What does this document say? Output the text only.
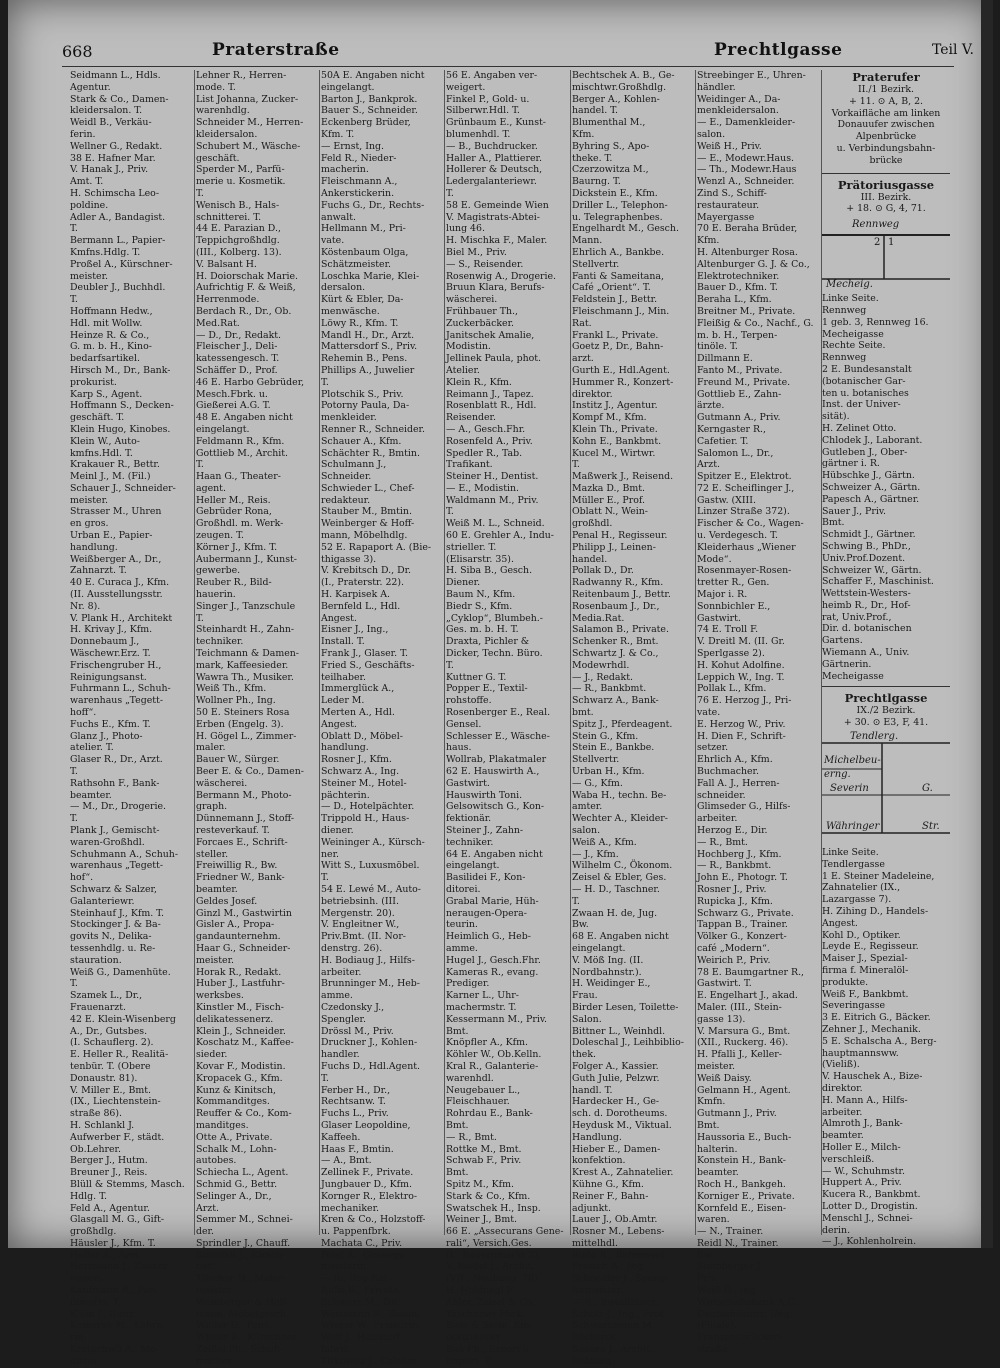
668	Praterstraße	Prechtlgasse	Teil V.
Seidmann L., Hdls.
Agentur.
Stark & Co., Damen-
kleidersalon. T.
Weidl B., Verkäu-
ferin.
Wellner G., Redakt.
38 E. Hafner Mar.
V. Hanak J., Priv.
Amt. T.
H. Schimscha Leo-
poldine.
Adler A., Bandagist.
T.
Bermann L., Papier-
Kmfns.Hdlg. T.
Proßel A., Kürschner-
meister.
Deubler J., Buchhdl.
T.
Hoffmann Hedw.,
Hdl. mit Wollw.
Heinze R. & Co.,
G. m. b. H., Kino-
bedarfsartikel.
Hirsch M., Dr., Bank-
prokurist.
Karp S., Agent.
Hoffmann S., Decken-
geschäft. T.
Klein Hugo, Kinobes.
Klein W., Auto-
kmfns.Hdl. T.
Krakauer R., Bettr.
Meinl J., M. (Fil.)
Schauer J., Schneider-
meister.
Strasser M., Uhren
en gros.
Urban E., Papier-
handlung.
Weißberger A., Dr.,
Zahnarzt. T.
40 E. Curaca J., Kfm.
(II. Ausstellungsstr.
Nr. 8).
V. Plank H., Architekt
H. Krivay J., Kfm.
Donnebaum J.,
Wäschewr.Erz. T.
Frischengruber H.,
Reinigungsanst.
Fuhrmann L., Schuh-
warenhaus „Tegett-
hoff“.
Fuchs E., Kfm. T.
Glanz J., Photo-
atelier. T.
Glaser R., Dr., Arzt.
T.
Rathsohn F., Bank-
beamter.
— M., Dr., Drogerie.
T.
Plank J., Gemischt-
waren-Großhdl.
Schuhmann A., Schuh-
warenhaus „Tegett-
hof“.
Schwarz & Salzer,
Galanteriewr.
Steinhauf J., Kfm. T.
Stockinger J. & Ba-
govits N., Delika-
tessenhdlg. u. Re-
stauration.
Weiß G., Damenhüte.
T.
Szamek L., Dr.,
Frauenarzt.
42 E. Klein-Wisenberg
A., Dr., Gutsbes.
(I. Schauflerg. 2).
E. Heller R., Realitä-
tenbür. T. (Obere
Donaustr. 81).
V. Miller E., Bmt.
(IX., Liechtenstein-
straße 86).
H. Schlankl J.
Aufwerber F., städt.
Ob.Lehrer.
Berger J., Hutm.
Breuner J., Reis.
Blüll & Stemms, Masch.
Hdlg. T.
Feld A., Agentur.
Glasgall M. G., Gift-
großhdlg.
Häusler J., Kfm. T.
Heller A., Arzt.
Herrmann J., Zucker-
waren.
Kaufmann R., Par-
fümerie. T.
Klein J., Bettr.
Komorek M., Lehre-
rin.
Kratochwil A., Mo-
distin.
Lehner R., Herren-
mode. T.
List Johanna, Zucker-
warenhdlg.
Schneider M., Herren-
kleidersalon.
Schubert M., Wäsche-
geschäft.
Sperder M., Parfü-
merie u. Kosmetik.
T.
Wenisch B., Hals-
schnitterei. T.
44 E. Parazian D.,
Teppichgroßhdlg.
(III., Kolberg. 13).
V. Balsant H.
H. Doiorschak Marie.
Aufrichtig F. & Weiß,
Herrenmode.
Berdach R., Dr., Ob.
Med.Rat.
— D., Dr., Redakt.
Fleischer J., Deli-
katessengesch. T.
Schäffer D., Prof.
46 E. Harbo Gebrüder,
Mesch.Fbrk. u.
Gießerei A.G. T.
48 E. Angaben nicht
eingelangt.
Feldmann R., Kfm.
Gottlieb M., Archit.
T.
Haan G., Theater-
agent.
Heller M., Reis.
Gebrüder Rona,
Großhdl. m. Werk-
zeugen. T.
Körner J., Kfm. T.
Aubermann J., Kunst-
gewerbe.
Reuber R., Bild-
hauerin.
Singer J., Tanzschule
T.
Steinhardt H., Zahn-
techniker.
Teichmann & Damen-
mark, Kaffeesieder.
Wawra Th., Musiker.
Weiß Th., Kfm.
Wollner Ph., Ing.
50 E. Steiners Rosa
Erben (Engelg. 3).
H. Gögel L., Zimmer-
maler.
Bauer W., Sürger.
Beer E. & Co., Damen-
wäscherei.
Bermann M., Photo-
graph.
Dünnemann J., Stoff-
resteverkauf. T.
Forcaes E., Schrift-
steller.
Freiwillig R., Bw.
Friedner W., Bank-
beamter.
Geldes Josef.
Ginzl M., Gastwirtin
Gisler A., Propa-
gandaunternehm.
Haar G., Schneider-
meister.
Horak R., Redakt.
Huber J., Lastfuhr-
werksbes.
Kinstler M., Fisch-
delikatessenerz.
Klein J., Schneider.
Koschatz M., Kaffee-
sieder.
Kovar F., Modistin.
Kropacek G., Kfm.
Kunz & Kinitsch,
Kommanditges.
Reuffer & Co., Kom-
manditges.
Otte A., Private.
Schalk M., Lohn-
autobes.
Schiecha L., Agent.
Schmid G., Bettr.
Selinger A., Dr.,
Arzt.
Semmer M., Schnei-
der.
Sprindler J., Chauff.
Steinfalt J., Kirsch-
ner.
Tilscher H., Maler-
meister.
Weinberger & Hoff-
mann, Möbelgesch.
Wilder D., Pens.
Winter R., Kürschner.
Zeißel Ph., Schuh-
macher.
50A E. Angaben nicht
eingelangt.
Barton J., Bankprok.
Bauer S., Schneider.
Eckenberg Brüder,
Kfm. T.
— Ernst, Ing.
Feld R., Nieder-
macherin.
Fleischmann A.,
Ankerstickerin.
Fuchs G., Dr., Rechts-
anwalt.
Hellmann M., Pri-
vate.
Köstenbaum Olga,
Schätzmeister.
Loschka Marie, Klei-
dersalon.
Kürt & Ebler, Da-
menwäsche.
Löwy R., Kfm. T.
Mandl H., Dr., Arzt.
Mattersdorf S., Priv.
Rehemin B., Pens.
Phillips A., Juwelier
T.
Plotschik S., Priv.
Potorny Paula, Da-
menkleider.
Renner R., Schneider.
Schauer A., Kfm.
Schächter R., Bmtin.
Schulmann J.,
Schneider.
Schwieder L., Chef-
redakteur.
Stauber M., Bmtin.
Weinberger & Hoff-
mann, Möbelhdlg.
52 E. Rapaport A. (Bie-
thigasse 3).
V. Krebitsch D., Dr.
(I., Praterstr. 22).
H. Karpisek A.
Bernfeld L., Hdl.
Angest.
Eisner J., Ing.,
Install. T.
Frank J., Glaser. T.
Fried S., Geschäfts-
teilhaber.
Immerglück A.,
Leder M.
Merten A., Hdl.
Angest.
Oblatt D., Möbel-
handlung.
Rosner J., Kfm.
Schwarz A., Ing.
Steiner M., Hotel-
pächterin.
— D., Hotelpächter.
Trippold H., Haus-
diener.
Weininger A., Kürsch-
ner.
Witt S., Luxusmöbel.
T.
54 E. Lewé M., Auto-
betriebsinh. (III.
Mergenstr. 20).
V. Engleitner W.,
Priv.Bmt. (II. Nor-
denstrg. 26).
H. Bodiaug J., Hilfs-
arbeiter.
Brunninger M., Heb-
amme.
Czedonsky J.,
Spengler.
Drössl M., Priv.
Druckner J., Kohlen-
handler.
Fuchs D., Hdl.Agent.
T.
Ferber H., Dr.,
Rechtsanw. T.
Fuchs L., Priv.
Glaser Leopoldine,
Kaffeeh.
Haas F., Bmtin.
— A., Bmt.
Zellinek F., Private.
Jungbauer D., Kfm.
Kornger R., Elektro-
mechaniker.
Kren & Co., Holzstoff-
u. Pappenfbrk.
Machata C., Priv.
Polal A., Gesangs-
meisterin.
— R., Reg.Rat.
Rufis R., Private.
Schwarz M., Dir.
Weismann R., Bmtin.
Wieser W., Friseurin.
Wolf J., Holzstoff-
fabrik.
Zitkowitz J., Celeiler.
56 E. Angaben ver-
weigert.
Finkel P., Gold- u.
Silberwr.Hdl. T.
Grünbaum E., Kunst-
blumenhdl. T.
— B., Buchdrucker.
Haller A., Plattierer.
Hollerer & Deutsch,
Ledergalanteriewr.
T.
58 E. Gemeinde Wien
V. Magistrats-Abtei-
lung 46.
H. Mischka F., Maler.
Biel M., Priv.
— S., Reisender.
Rosenwig A., Drogerie.
Bruun Klara, Berufs-
wäscherei.
Frühbauer Th.,
Zuckerbäcker.
Janitschek Amalie,
Modistin.
Jellinek Paula, phot.
Atelier.
Klein R., Kfm.
Reimann J., Tapez.
Rosenblatt R., Hdl.
Reisender.
— A., Gesch.Fhr.
Rosenfeld A., Priv.
Spedler R., Tab.
Trafikant.
Steiner H., Dentist.
— E., Modistin.
Waldmann M., Priv.
T.
Weiß M. L., Schneid.
60 E. Grehler A., Indu-
strieller. T.
(Elisarstr. 35).
H. Siba B., Gesch.
Diener.
Baum N., Kfm.
Biedr S., Kfm.
„Cyklop“, Blumbeh.-
Ges. m. b. H. T.
Draxta, Pichler &
Dicker, Techn. Büro.
T.
Kuttner G. T.
Popper E., Textil-
rohstoffe.
Rosenberger E., Real.
Gensel.
Schlesser E., Wäsche-
haus.
Wollrab, Plakatmaler
62 E. Hauswirth A.,
Gastwirt.
Hauswirth Toni.
Gelsowitsch G., Kon-
fektionär.
Steiner J., Zahn-
techniker.
64 E. Angaben nicht
eingelangt.
Basilidei F., Kon-
ditorei.
Grabal Marie, Hüh-
neraugen-Opera-
teurin.
Heimlich G., Heb-
amme.
Hugel J., Gesch.Fhr.
Kameras R., evang.
Prediger.
Karner L., Uhr-
machermstr. T.
Kessermann M., Priv.
Bmt.
Knöpfler A., Kfm.
Köhler W., Ob.Kelln.
Kral R., Galanterie-
warenhdl.
Neugebauer L.,
Fleischhauer.
Rohrdau E., Bank-
Bmt.
— R., Bmt.
Rottke M., Bmt.
Schwab F., Priv.
Bmt.
Spitz M., Kfm.
Stark & Co., Kfm.
Swatschek H., Insp.
Weiner J., Bmt.
66 E. „Assecurans Gene-
rali“, Versich.Ges.
(I., Bauernmarkt 2).
V. Riedel J., Archit.
(VII., Neubaug. 78).
H. Holdnagl F.
Ahler, Zeisel & Co.,
Taschenwr.Fbrk.
Baer & Stein, Kin-
dertrikotwr.
Bak Ph., Export u.
Import. T.
Bechtschek A. B., Ge-
mischtwr.Großhdlg.
Berger A., Kohlen-
handel. T.
Blumenthal M.,
Kfm.
Byhring S., Apo-
theke. T.
Czerzowitza M.,
Baurng. T.
Dickstein E., Kfm.
Driller L., Telephon-
u. Telegraphenbes.
Engelhardt M., Gesch.
Mann.
Ehrlich A., Bankbe.
Stellvertr.
Fanti & Sameitana,
Café „Orient“. T.
Feldstein J., Bettr.
Fleischmann J., Min.
Rat.
Frankl L., Private.
Goetz P., Dr., Bahn-
arzt.
Gurth E., Hdl.Agent.
Hummer R., Konzert-
direktor.
Institz J., Agentur.
Kompf M., Kfm.
Klein Th., Private.
Kohn E., Bankbmt.
Kucel M., Wirtwr.
T.
Maßwerk J., Reisend.
Mazka D., Bmt.
Müller E., Prof.
Oblatt N., Wein-
großhdl.
Penal H., Regisseur.
Philipp J., Leinen-
handel.
Pollak D., Dr.
Radwanny R., Kfm.
Reitenbaum J., Bettr.
Rosenbaum J., Dr.,
Media.Rat.
Salamon B., Private.
Schenker R., Bmt.
Schwartz J. & Co.,
Modewrhdl.
— J., Redakt.
— R., Bankbmt.
Schwarz A., Bank-
bmt.
Spitz J., Pferdeagent.
Stein G., Kfm.
Stein E., Bankbe.
Stellvertr.
Urban H., Kfm.
— G., Kfm.
Waba H., techn. Be-
amter.
Wechter A., Kleider-
salon.
Weiß A., Kfm.
— J., Kfm.
Wilhelm C., Ökonom.
Zeisel & Ebler, Ges.
— H. D., Taschner.
T.
Zwaan H. de, Jug.
Bw.
68 E. Angaben nicht
eingelangt.
V. Möß Ing. (II.
Nordbahnstr.).
H. Weidinger E.,
Frau.
Birder Lesen, Toilette-
Salon.
Bittner L., Weinhdl.
Doleschal J., Leihbiblio-
thek.
Folger A., Kassier.
Guth Julie, Pelzwr.
handl. T.
Hardecker H., Ge-
sch. d. Dorotheums.
Heydusk M., Viktual.
Handlung.
Hieber E., Damen-
konfektion.
Krest A., Zahnatelier.
Kühne G., Kfm.
Reiner F., Bahn-
adjunkt.
Lauer J., Ob.Amtr.
Rosner M., Lebens-
mittelhdl.
Rude R., Bahnrevid.
Pretsch A., Jng.
Schneider J., Speng-
lermeister.
— R., Installateur.
Scholz J., Ing., Prof.
Schwarzmann M.,
Bäckerei.
Sokora J., Archit.,
Bahning.
Streebinger E., Uhren-
händler.
Weidinger A., Da-
menkleidersalon.
— E., Damenkleider-
salon.
Weiß H., Priv.
— E., Modewr.Haus.
— Th., Modewr.Haus
Wenzl A., Schneider.
Zind S., Schiff-
restaurateur.
Mayergasse
70 E. Beraha Brüder,
Kfm.
H. Altenburger Rosa.
Altenburger G. J. & Co.,
Elektrotechniker.
Bauer D., Kfm. T.
Beraha L., Kfm.
Breitner M., Private.
Fleißig & Co., Nachf., G.
m. b. H., Terpen-
tinöle. T.
Dillmann E.
Fanto M., Private.
Freund M., Private.
Gottlieb E., Zahn-
ärzte.
Gutmann A., Priv.
Kerngaster R.,
Cafetier. T.
Salomon L., Dr.,
Arzt.
Spitzer E., Elektrot.
72 E. Scheiflinger J.,
Gastw. (XIII.
Linzer Straße 372).
Fischer & Co., Wagen-
u. Verdegesch. T.
Kleiderhaus „Wiener
Mode“.
Rosenmayer-Rosen-
tretter R., Gen.
Major i. R.
Sonnbichler E.,
Gastwirt.
74 E. Troll F.
V. Dreitl M. (II. Gr.
Sperlgasse 2).
H. Kohut Adolfine.
Leppich W., Ing. T.
Pollak L., Kfm.
76 E. Herzog J., Pri-
vate.
E. Herzog W., Priv.
H. Dien F., Schrift-
setzer.
Ehrlich A., Kfm.
Buchmacher.
Fall A. J., Herren-
schneider.
Glimseder G., Hilfs-
arbeiter.
Herzog E., Dir.
— R., Bmt.
Hochberg J., Kfm.
— R., Bankbmt.
John E., Photogr. T.
Rosner J., Priv.
Rupicka J., Kfm.
Schwarz G., Private.
Tappan B., Trainer.
Völker G., Konzert-
café „Modern“.
Weirich P., Priv.
78 E. Baumgartner R.,
Gastwirt. T.
E. Engelhart J., akad.
Maler. (III., Stein-
gasse 13).
V. Marsura G., Bmt.
(XII., Ruckerg. 46).
H. Pfalli J., Keller-
meister.
Weiß Daisy.
Gelmann H., Agent.
Kmfn.
Gutmann J., Priv.
Bmt.
Haussoria E., Buch-
halterin.
Konstein H., Bank-
beamter.
Roch H., Bankgeh.
Korniger E., Private.
Kornfeld E., Eisen-
waren.
— N., Trainer.
Reidl N., Trainer.
Bw.
Steinberger J.,
Priv.
Weiß D., Ing.
Wirtschaftsbank A.G.
Deutschösterr. Ung.
(Filiale).
Franzensbrücken-
straße
Praterufer
II./1 Bezirk.
+ 11. ⊙ A, B, 2.
Vorkaifläche am linken
Donauufer zwischen
Alpenbrücke
u. Verbindungsbahn-
brücke
Prätoriusgasse
III. Bezirk.
+ 18. ⊙ G, 4, 71.
Rennweg
Mecheig.
2 1
Linke Seite.
Rennweg
1 geb. 3, Rennweg 16.
Mecheigasse
Rechte Seite.
Rennweg
2 E. Bundesanstalt
(botanischer Gar-
ten u. botanisches
Inst. der Univer-
sität).
H. Zelinet Otto.
Chlodek J., Laborant.
Gutleben J., Ober-
gärtner i. R.
Hübschke J., Gärtn.
Schweizer A., Gärtn.
Papesch A., Gärtner.
Sauer J., Priv.
Bmt.
Schmidt J., Gärtner.
Schwing B., PhDr.,
Univ.Prof.Dozent.
Schweizer W., Gärtn.
Schaffer F., Maschinist.
Wettstein-Westers-
heimb R., Dr., Hof-
rat, Univ.Prof.,
Dir. d. botanischen
Gartens.
Wiemann A., Univ.
Gärtnerin.
Mecheigasse
Prechtlgasse
IX./2 Bezirk.
+ 30. ⊙ E3, F, 41.
Tendlerg.
Michelbeu-
erng.
Severin	G.
Währinger	Str.
Linke Seite.
Tendlergasse
1 E. Steiner Madeleine,
Zahnatelier (IX.,
Lazargasse 7).
H. Zihing D., Handels-
Angest.
Kohl D., Optiker.
Leyde E., Regisseur.
Maiser J., Spezial-
firma f. Mineralöl-
produkte.
Weiß F., Bankbmt.
Severingasse
3 E. Eitrich G., Bäcker.
Zehner J., Mechanik.
5 E. Schalscha A., Berg-
hauptmannsww.
(Vieliß).
V. Hauschek A., Bize-
direktor.
H. Mann A., Hilfs-
arbeiter.
Almroth J., Bank-
beamter.
Holler E., Milch-
verschleiß.
— W., Schuhmstr.
Huppert A., Priv.
Kucera R., Bankbmt.
Lotter D., Drogistin.
Menschl J., Schnei-
derin.
— J., Kohlenholrein.
